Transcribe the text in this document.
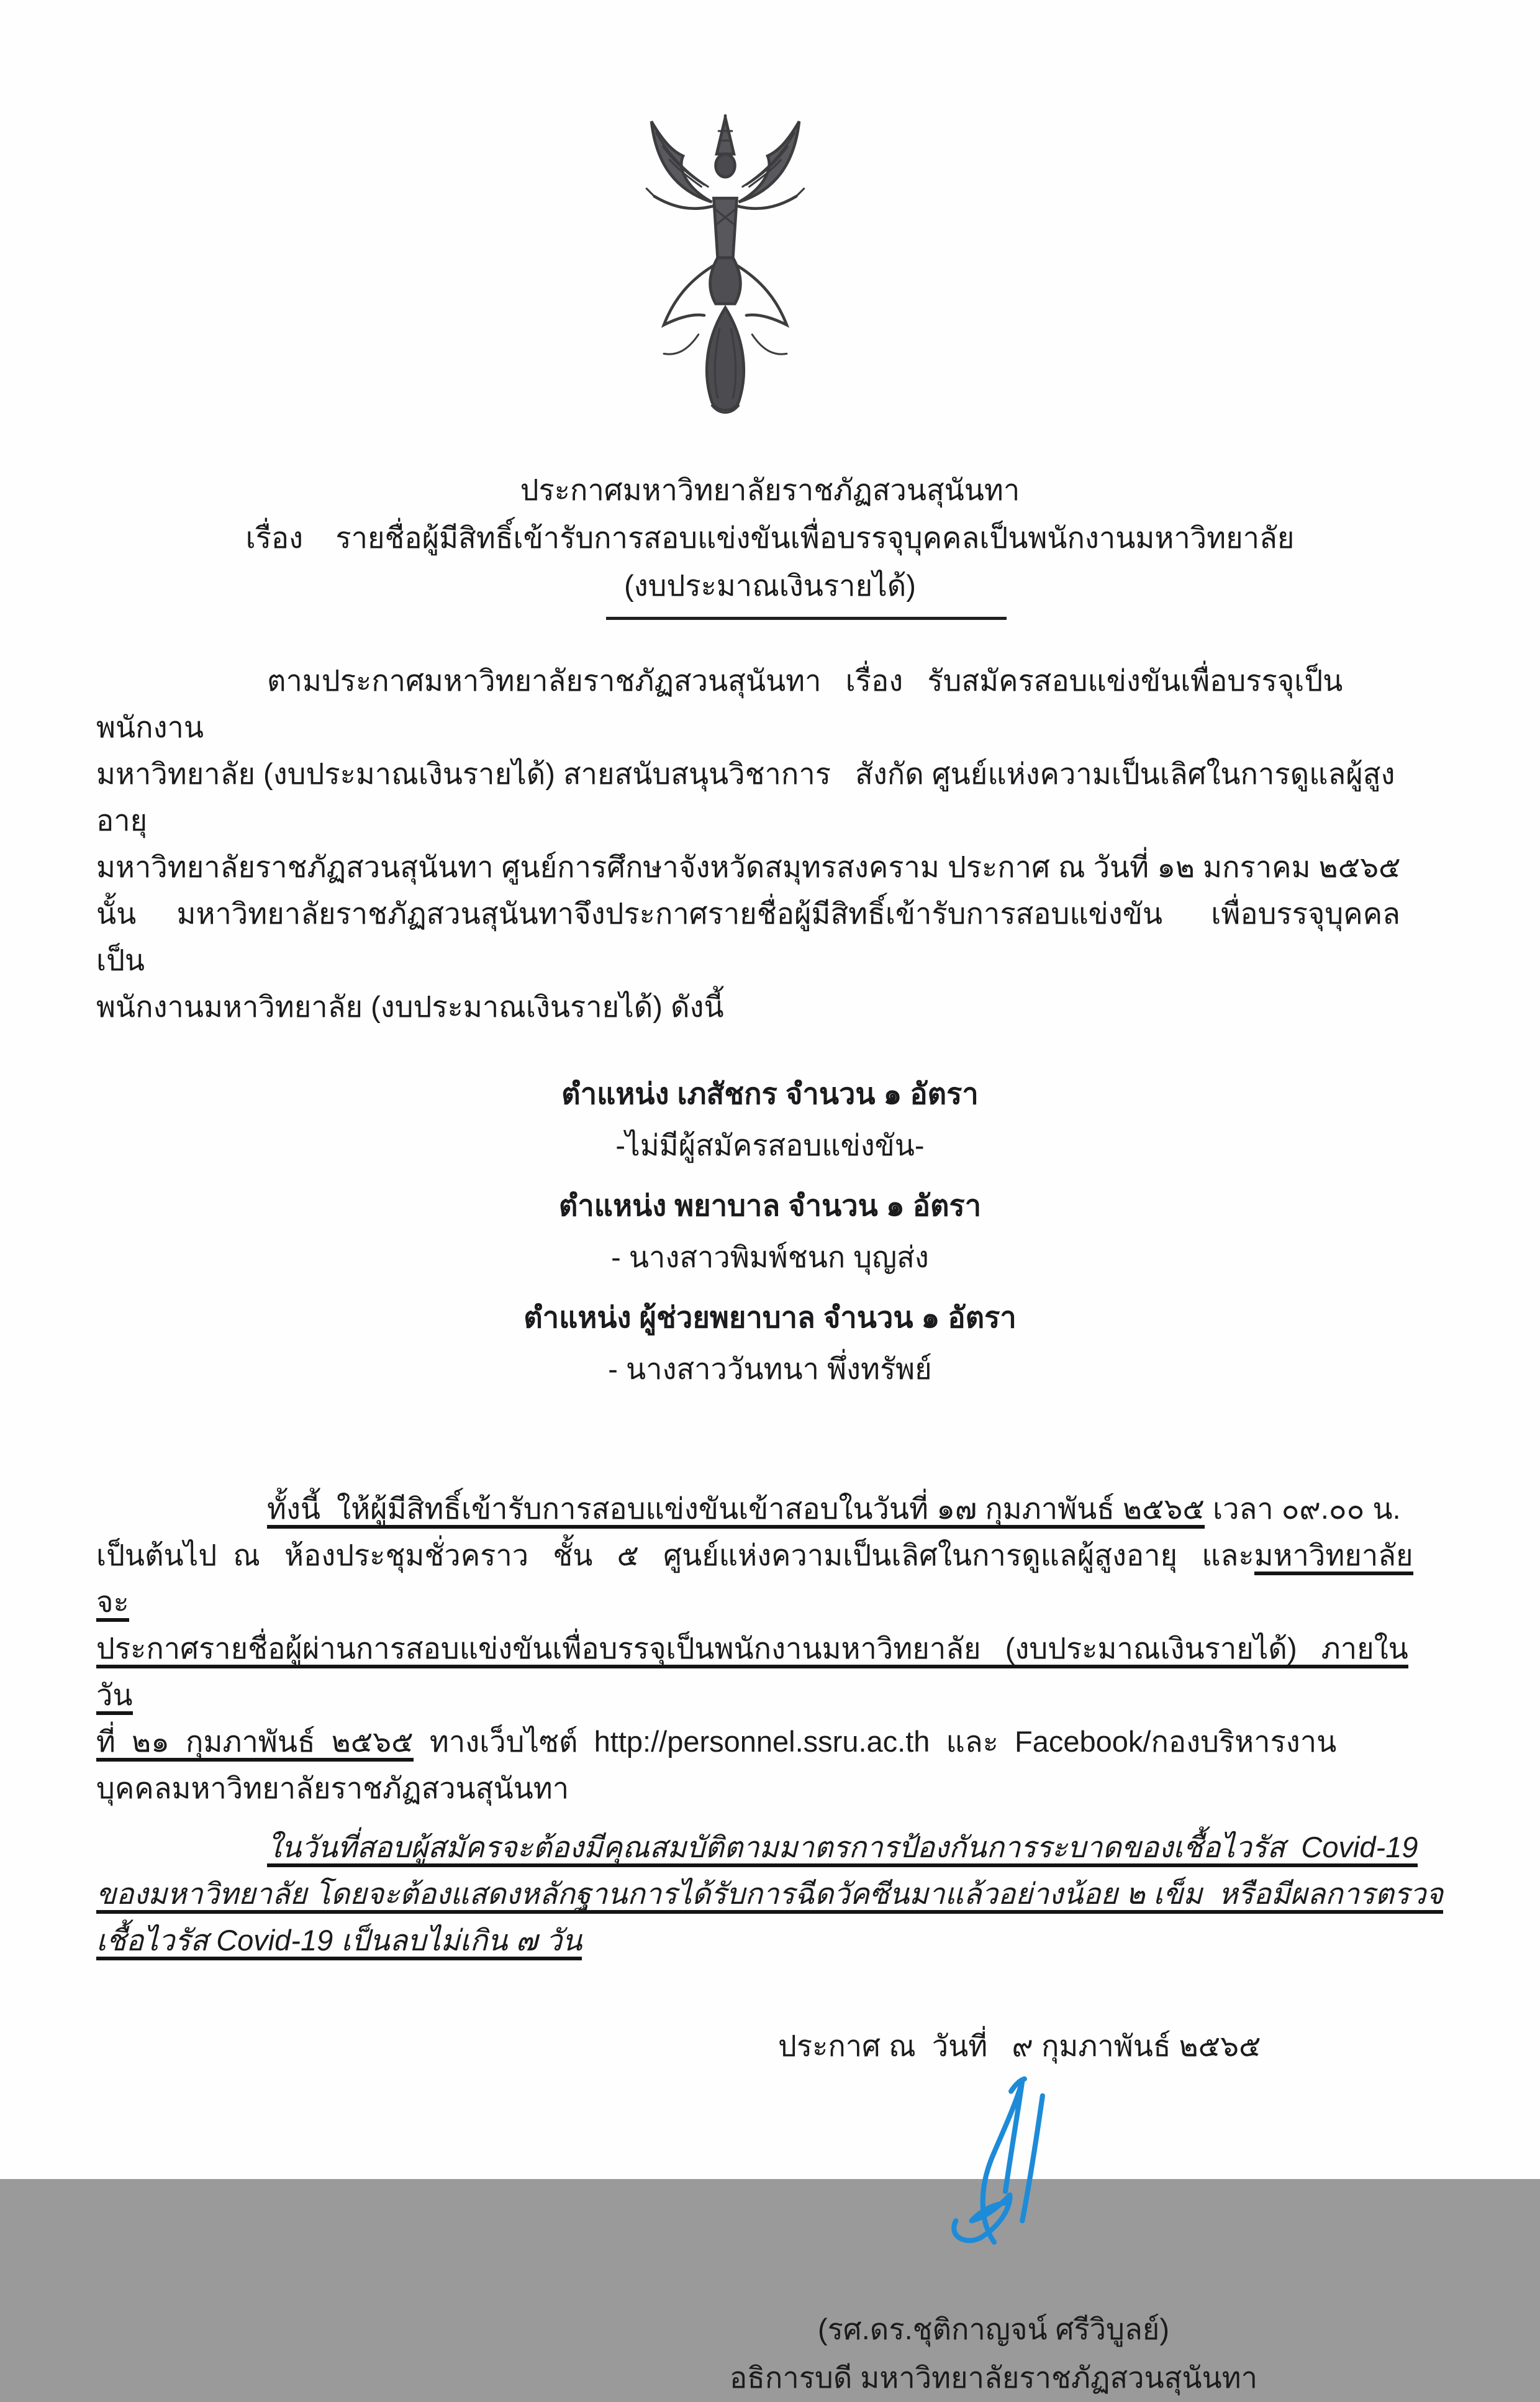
ประกาศมหาวิทยาลัยราชภัฏสวนสุนันทา
เรื่อง    รายชื่อผู้มีสิทธิ์เข้ารับการสอบแข่งขันเพื่อบรรจุบุคคลเป็นพนักงานมหาวิทยาลัย
(งบประมาณเงินรายได้)
ตามประกาศมหาวิทยาลัยราชภัฏสวนสุนันทา   เรื่อง   รับสมัครสอบแข่งขันเพื่อบรรจุเป็นพนักงาน
มหาวิทยาลัย (งบประมาณเงินรายได้) สายสนับสนุนวิชาการ   สังกัด ศูนย์แห่งความเป็นเลิศในการดูแลผู้สูงอายุ
มหาวิทยาลัยราชภัฏสวนสุนันทา ศูนย์การศึกษาจังหวัดสมุทรสงคราม ประกาศ ณ วันที่ ๑๒ มกราคม ๒๕๖๕
นั้น     มหาวิทยาลัยราชภัฏสวนสุนันทาจึงประกาศรายชื่อผู้มีสิทธิ์เข้ารับการสอบแข่งขัน      เพื่อบรรจุบุคคลเป็น
พนักงานมหาวิทยาลัย (งบประมาณเงินรายได้) ดังนี้
ตำแหน่ง เภสัชกร จำนวน ๑ อัตรา
-ไม่มีผู้สมัครสอบแข่งขัน-
ตำแหน่ง พยาบาล จำนวน ๑ อัตรา
- นางสาวพิมพ์ชนก บุญส่ง
ตำแหน่ง ผู้ช่วยพยาบาล จำนวน ๑ อัตรา
- นางสาววันทนา พึ่งทรัพย์
ทั้งนี้  ให้ผู้มีสิทธิ์เข้ารับการสอบแข่งขันเข้าสอบในวันที่ ๑๗ กุมภาพันธ์ ๒๕๖๕ เวลา ๐๙.๐๐ น.
เป็นต้นไป  ณ   ห้องประชุมชั่วคราว   ชั้น   ๕   ศูนย์แห่งความเป็นเลิศในการดูแลผู้สูงอายุ   และมหาวิทยาลัยจะ
ประกาศรายชื่อผู้ผ่านการสอบแข่งขันเพื่อบรรจุเป็นพนักงานมหาวิทยาลัย   (งบประมาณเงินรายได้)   ภายในวัน
ที่  ๒๑  กุมภาพันธ์  ๒๕๖๕  ทางเว็บไซต์  http://personnel.ssru.ac.th  และ  Facebook/กองบริหารงาน
บุคคลมหาวิทยาลัยราชภัฏสวนสุนันทา
ในวันที่สอบผู้สมัครจะต้องมีคุณสมบัติตามมาตรการป้องกันการระบาดของเชื้อไวรัส  Covid-19
ของมหาวิทยาลัย โดยจะต้องแสดงหลักฐานการได้รับการฉีดวัคซีนมาแล้วอย่างน้อย ๒ เข็ม  หรือมีผลการตรวจ
เชื้อไวรัส Covid-19 เป็นลบไม่เกิน ๗ วัน
ประกาศ ณ  วันที่   ๙ กุมภาพันธ์ ๒๕๖๕
(รศ.ดร.ชุติกาญจน์ ศรีวิบูลย์)
อธิการบดี มหาวิทยาลัยราชภัฏสวนสุนันทา
